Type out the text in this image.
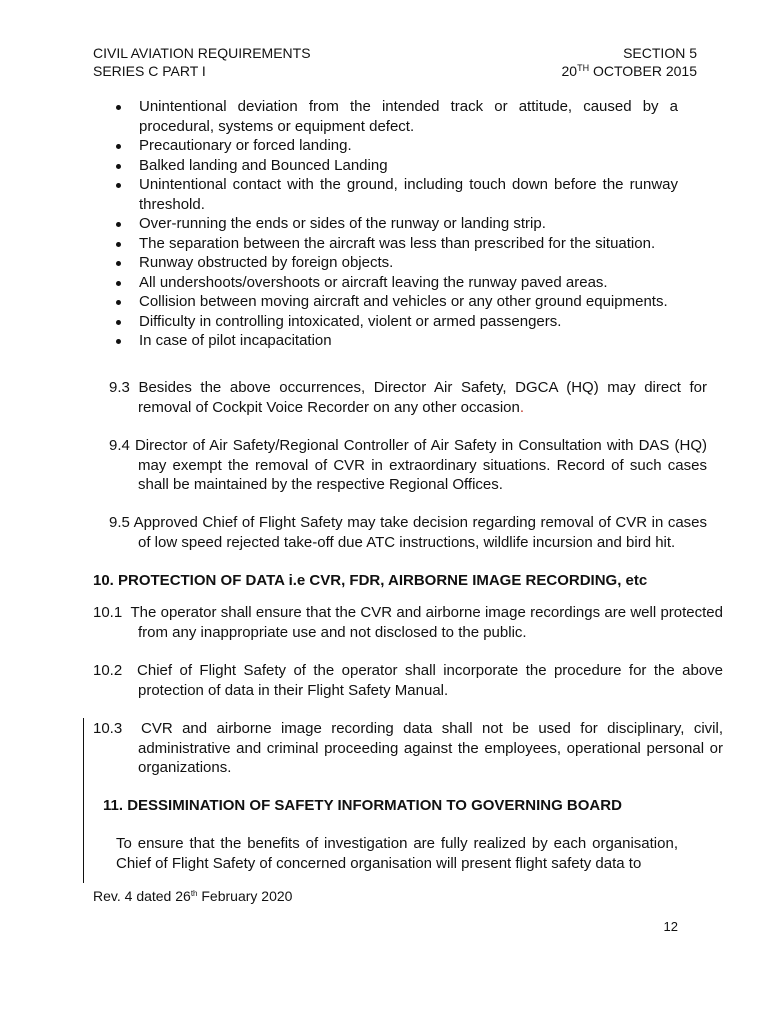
CIVIL AVIATION REQUIREMENTS	SECTION 5
SERIES C PART I	20TH OCTOBER 2015
Unintentional deviation from the intended track or attitude, caused by a procedural, systems or equipment defect.
Precautionary or forced landing.
Balked landing and Bounced Landing
Unintentional contact with the ground, including touch down before the runway threshold.
Over-running the ends or sides of the runway or landing strip.
The separation between the aircraft was less than prescribed for the situation.
Runway obstructed by foreign objects.
All undershoots/overshoots or aircraft leaving the runway paved areas.
Collision between moving aircraft and vehicles or any other ground equipments.
Difficulty in controlling intoxicated, violent or armed passengers.
In case of pilot incapacitation
9.3 Besides the above occurrences, Director Air Safety, DGCA (HQ) may direct for removal of Cockpit Voice Recorder on any other occasion.
9.4 Director of Air Safety/Regional Controller of Air Safety in Consultation with DAS (HQ) may exempt the removal of CVR in extraordinary situations. Record of such cases shall be maintained by the respective Regional Offices.
9.5 Approved Chief of Flight Safety may take decision regarding removal of CVR in cases of low speed rejected take-off due ATC instructions, wildlife incursion and bird hit.
10. PROTECTION OF DATA i.e CVR, FDR, AIRBORNE IMAGE RECORDING, etc
10.1 The operator shall ensure that the CVR and airborne image recordings are well protected from any inappropriate use and not disclosed to the public.
10.2 Chief of Flight Safety of the operator shall incorporate the procedure for the above protection of data in their Flight Safety Manual.
10.3 CVR and airborne image recording data shall not be used for disciplinary, civil, administrative and criminal proceeding against the employees, operational personal or organizations.
11. DESSIMINATION OF SAFETY INFORMATION TO GOVERNING BOARD
To ensure that the benefits of investigation are fully realized by each organisation, Chief of Flight Safety of concerned organisation will present flight safety data to
Rev. 4 dated 26th February 2020
12
